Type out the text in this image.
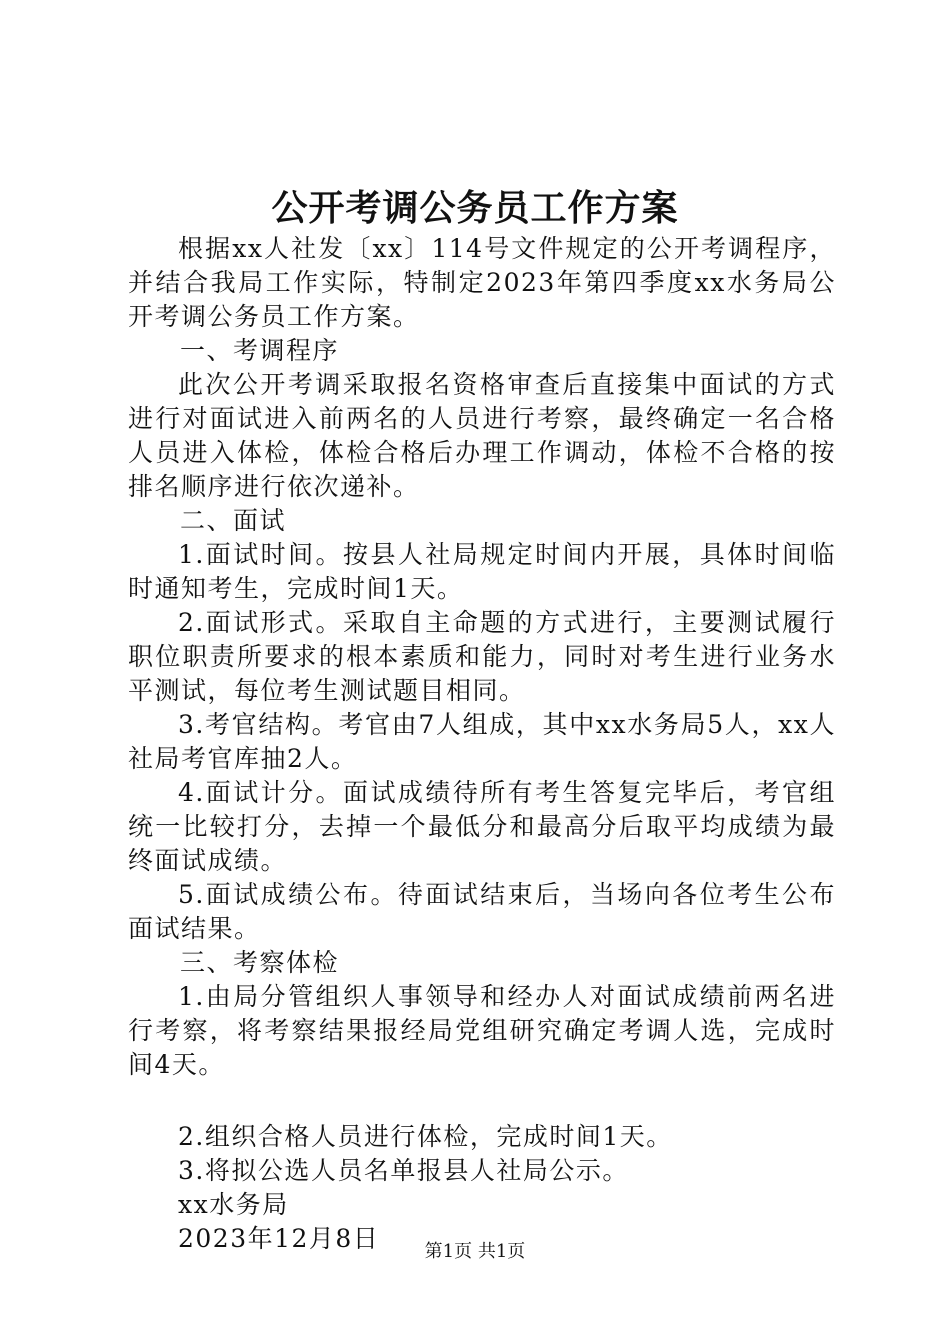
公开考调公务员工作方案

根据xx人社发〔xx〕114号文件规定的公开考调程序，并结合我局工作实际，特制定2023年第四季度xx水务局公开考调公务员工作方案。

一、考调程序

此次公开考调采取报名资格审查后直接集中面试的方式进行对面试进入前两名的人员进行考察，最终确定一名合格人员进入体检，体检合格后办理工作调动，体检不合格的按排名顺序进行依次递补。

二、面试

1.面试时间。按县人社局规定时间内开展，具体时间临时通知考生，完成时间1天。

2.面试形式。采取自主命题的方式进行，主要测试履行职位职责所要求的根本素质和能力，同时对考生进行业务水平测试，每位考生测试题目相同。

3.考官结构。考官由7人组成，其中xx水务局5人，xx人社局考官库抽2人。

4.面试计分。面试成绩待所有考生答复完毕后，考官组统一比较打分，去掉一个最低分和最高分后取平均成绩为最终面试成绩。

5.面试成绩公布。待面试结束后，当场向各位考生公布面试结果。

三、考察体检

1.由局分管组织人事领导和经办人对面试成绩前两名进行考察，将考察结果报经局党组研究确定考调人选，完成时间4天。

2.组织合格人员进行体检，完成时间1天。

3.将拟公选人员名单报县人社局公示。

xx水务局

2023年12月8日	第1页 共1页
